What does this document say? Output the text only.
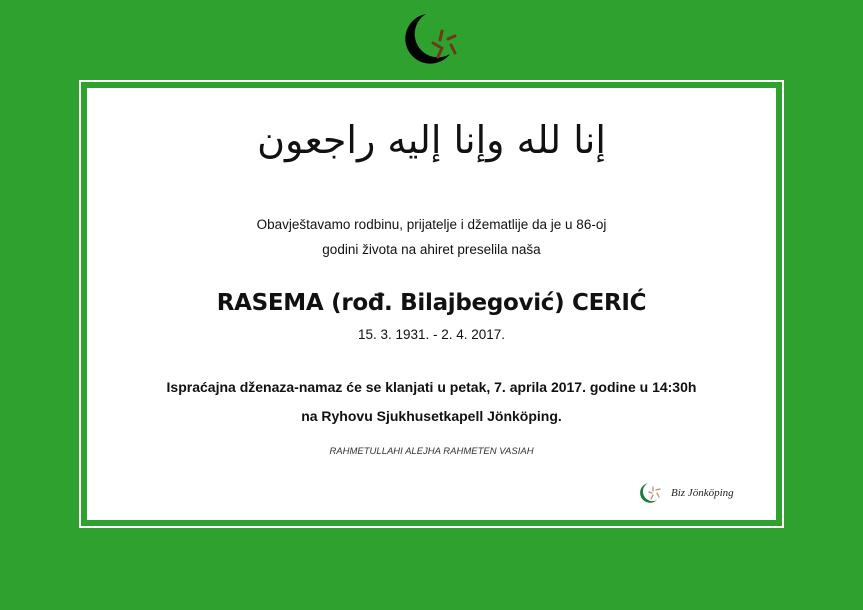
إنا لله وإنا إليه راجعون
Obavještavamo rodbinu, prijatelje i džematlije da je u 86-oj
godini života na ahiret preselila naša
RASEMA (rođ. Bilajbegović) CERIĆ
15. 3. 1931. - 2. 4. 2017.
Ispraćajna dženaza-namaz će se klanjati u petak, 7. aprila 2017. godine u 14:30h
na Ryhovu Sjukhusetkapell Jönköping.
RAHMETULLAHI ALEJHA RAHMETEN VASIAH
Biz Jönköping
